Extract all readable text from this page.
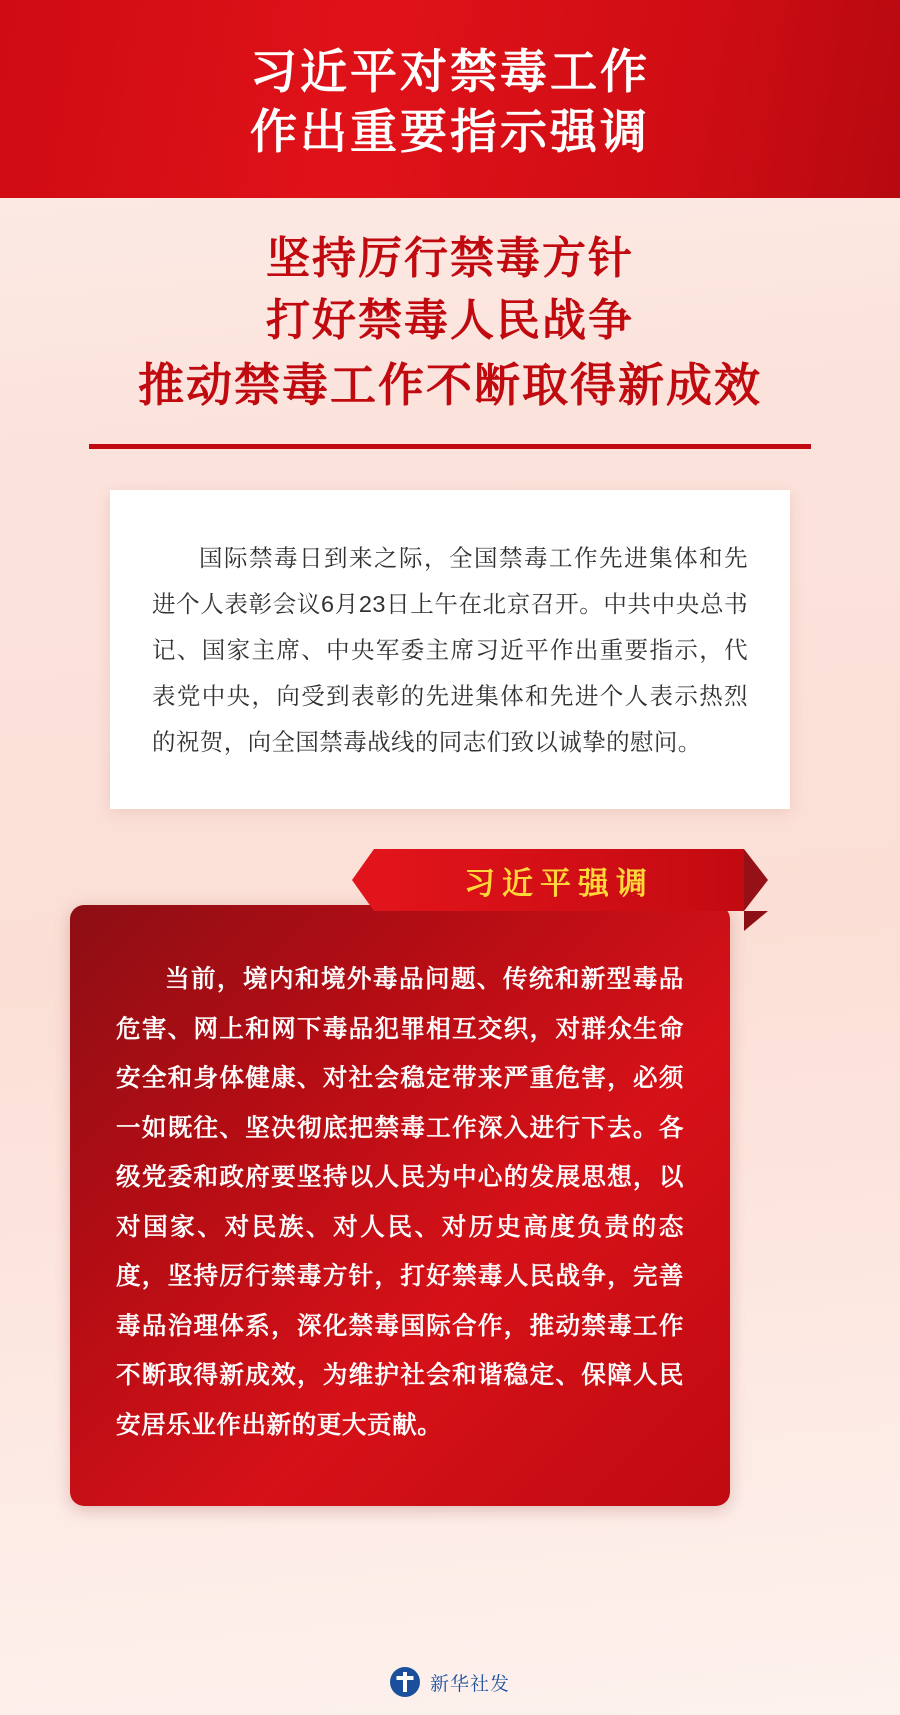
习近平对禁毒工作
作出重要指示强调
坚持厉行禁毒方针
打好禁毒人民战争
推动禁毒工作不断取得新成效
国际禁毒日到来之际，全国禁毒工作先进集体和先进个人表彰会议6月23日上午在北京召开。中共中央总书记、国家主席、中央军委主席习近平作出重要指示，代表党中央，向受到表彰的先进集体和先进个人表示热烈的祝贺，向全国禁毒战线的同志们致以诚挚的慰问。
习近平强调
当前，境内和境外毒品问题、传统和新型毒品危害、网上和网下毒品犯罪相互交织，对群众生命安全和身体健康、对社会稳定带来严重危害，必须一如既往、坚决彻底把禁毒工作深入进行下去。各级党委和政府要坚持以人民为中心的发展思想，以对国家、对民族、对人民、对历史高度负责的态度，坚持厉行禁毒方针，打好禁毒人民战争，完善毒品治理体系，深化禁毒国际合作，推动禁毒工作不断取得新成效，为维护社会和谐稳定、保障人民安居乐业作出新的更大贡献。
新华社发
